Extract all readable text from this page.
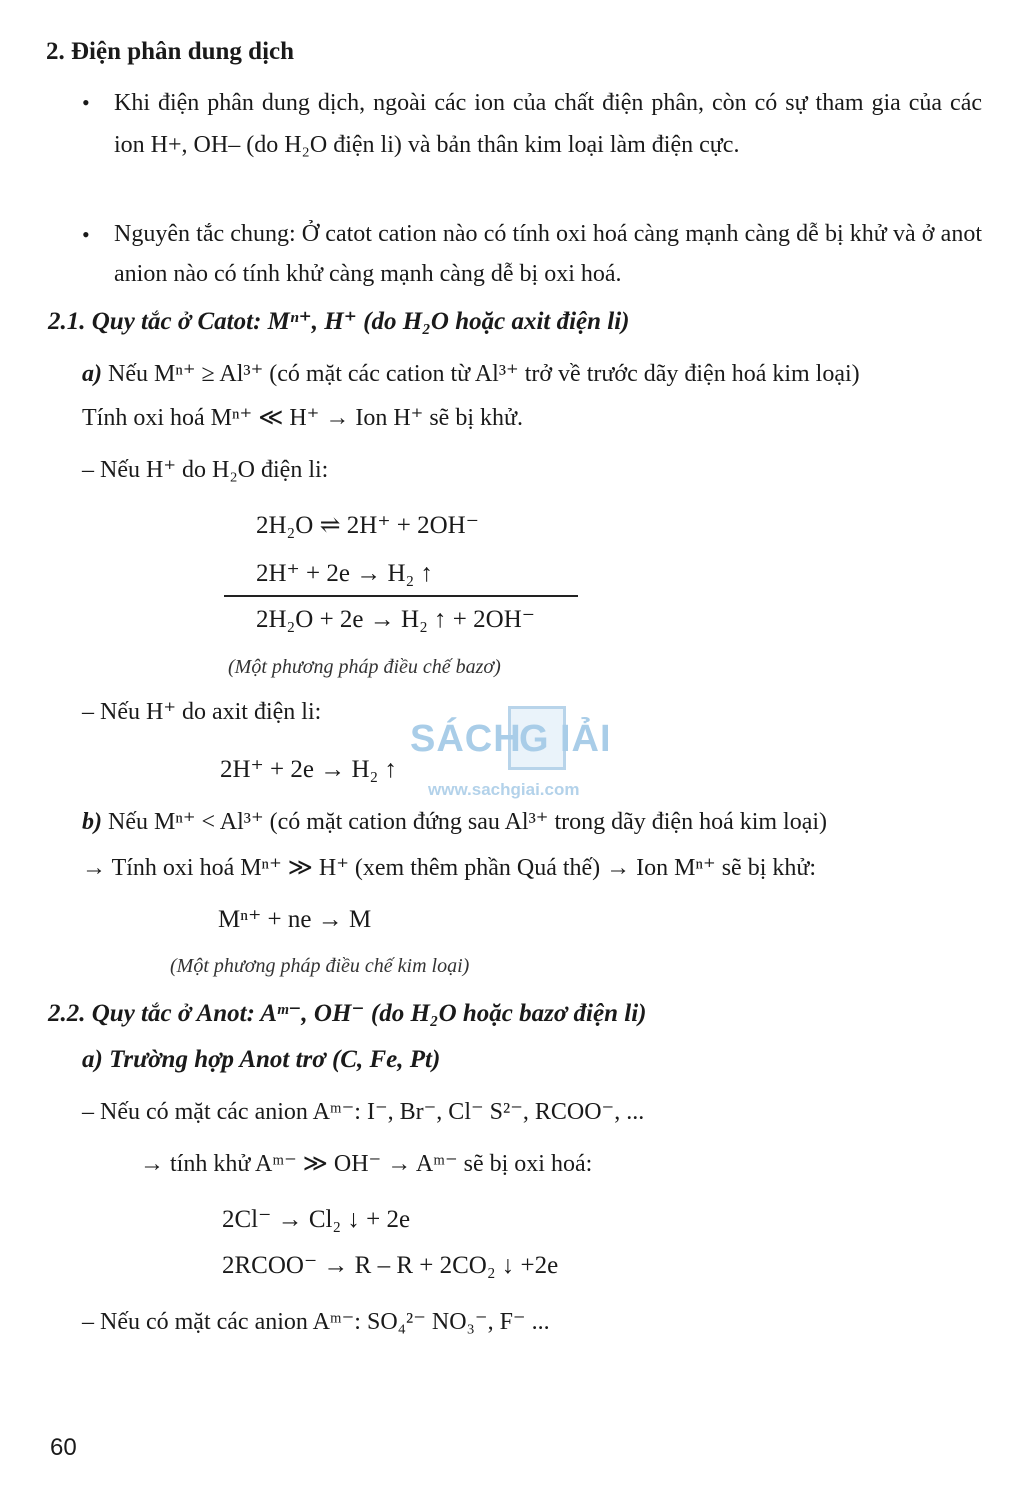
2. Điện phân dung dịch
• Khi điện phân dung dịch, ngoài các ion của chất điện phân, còn có sự tham gia của các ion H+, OH– (do H₂O điện li) và bản thân kim loại làm điện cực.
• Nguyên tắc chung: Ở catot cation nào có tính oxi hoá càng mạnh càng dễ bị khử và ở anot anion nào có tính khử càng mạnh càng dễ bị oxi hoá.
2.1. Quy tắc ở Catot: Mⁿ⁺, H⁺ (do H₂O hoặc axit điện li)
a) Nếu Mⁿ⁺ ≥ Al³⁺ (có mặt các cation từ Al³⁺ trở về trước dãy điện hoá kim loại)
Tính oxi hoá Mⁿ⁺ ≪ H⁺ → Ion H⁺ sẽ bị khử.
– Nếu H⁺ do H₂O điện li:
2H₂O ⇌ 2H⁺ + 2OH⁻
2H⁺ + 2e → H₂ ↑
2H₂O + 2e → H₂ ↑ + 2OH⁻
(Một phương pháp điều chế bazơ)
– Nếu H⁺ do axit điện li:
2H⁺ + 2e → H₂ ↑
SÁCH
G IẢI
www.sachgiai.com
b) Nếu Mⁿ⁺ < Al³⁺ (có mặt cation đứng sau Al³⁺ trong dãy điện hoá kim loại)
→ Tính oxi hoá Mⁿ⁺ ≫ H⁺ (xem thêm phần Quá thế) → Ion Mⁿ⁺ sẽ bị khử:
Mⁿ⁺ + ne → M
(Một phương pháp điều chế kim loại)
2.2. Quy tắc ở Anot: Aᵐ⁻, OH⁻ (do H₂O hoặc bazơ điện li)
a) Trường hợp Anot trơ (C, Fe, Pt)
– Nếu có mặt các anion Aᵐ⁻: I⁻, Br⁻, Cl⁻ S²⁻, RCOO⁻, ...
→ tính khử Aᵐ⁻ ≫ OH⁻ → Aᵐ⁻ sẽ bị oxi hoá:
2Cl⁻ → Cl₂ ↓ + 2e
2RCOO⁻ → R – R + 2CO₂ ↓ +2e
– Nếu có mặt các anion Aᵐ⁻: SO₄²⁻ NO₃⁻, F⁻ ...
60
